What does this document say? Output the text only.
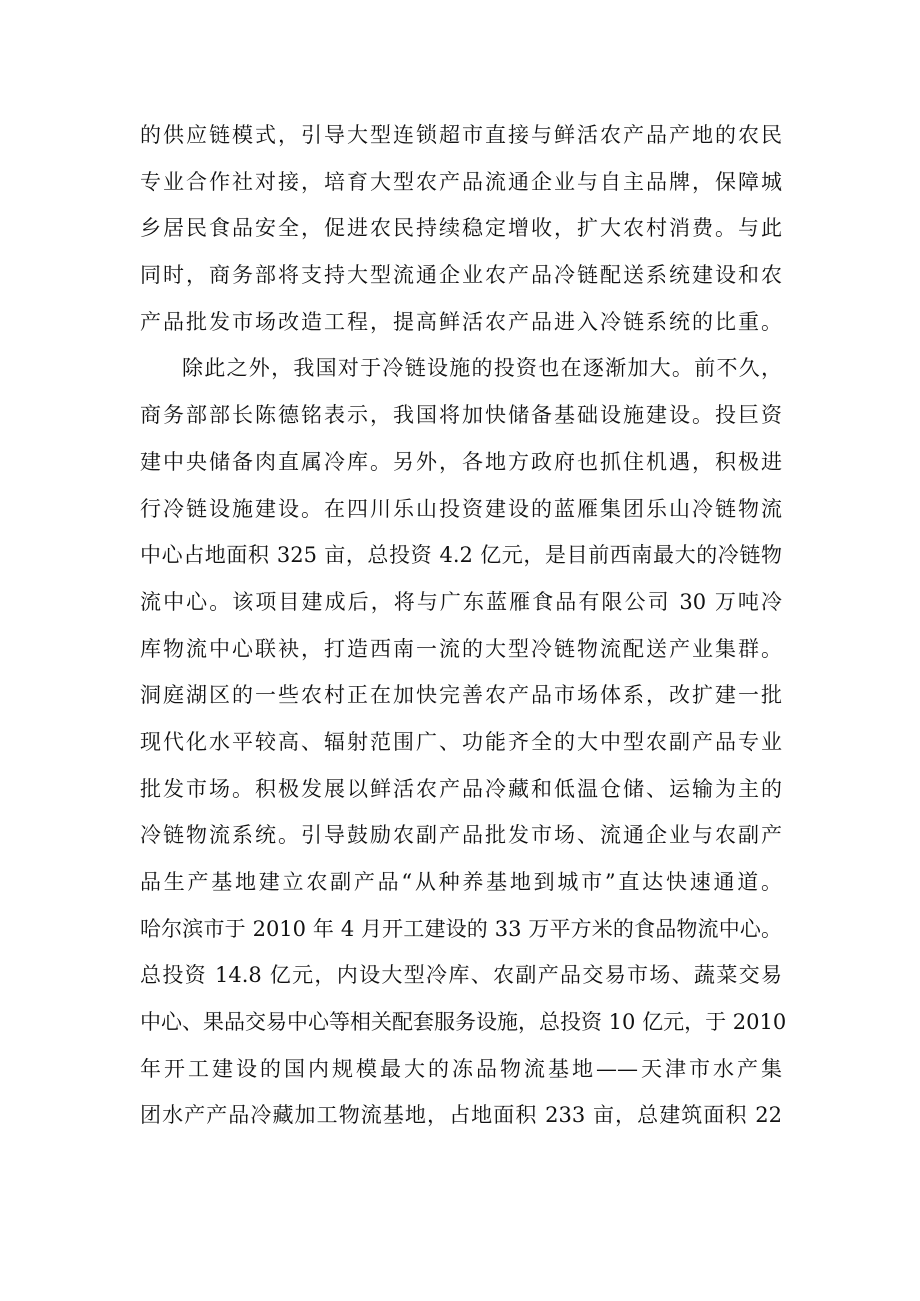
的供应链模式，引导大型连锁超市直接与鲜活农产品产地的农民
专业合作社对接，培育大型农产品流通企业与自主品牌，保障城
乡居民食品安全，促进农民持续稳定增收，扩大农村消费。与此
同时，商务部将支持大型流通企业农产品冷链配送系统建设和农
产品批发市场改造工程，提高鲜活农产品进入冷链系统的比重。
除此之外，我国对于冷链设施的投资也在逐渐加大。前不久，
商务部部长陈德铭表示，我国将加快储备基础设施建设。投巨资
建中央储备肉直属冷库。另外，各地方政府也抓住机遇，积极进
行冷链设施建设。在四川乐山投资建设的蓝雁集团乐山冷链物流
中心占地面积 325 亩，总投资 4.2 亿元，是目前西南最大的冷链物
流中心。该项目建成后，将与广东蓝雁食品有限公司 30 万吨冷
库物流中心联袂，打造西南一流的大型冷链物流配送产业集群。
洞庭湖区的一些农村正在加快完善农产品市场体系，改扩建一批
现代化水平较高、辐射范围广、功能齐全的大中型农副产品专业
批发市场。积极发展以鲜活农产品冷藏和低温仓储、运输为主的
冷链物流系统。引导鼓励农副产品批发市场、流通企业与农副产
品生产基地建立农副产品“从种养基地到城市”直达快速通道。
哈尔滨市于 2010 年 4 月开工建设的 33 万平方米的食品物流中心。
总投资 14.8 亿元，内设大型冷库、农副产品交易市场、蔬菜交易
中心、果品交易中心等相关配套服务设施，总投资 10 亿元，于 2010
年开工建设的国内规模最大的冻品物流基地——天津市水产集
团水产产品冷藏加工物流基地，占地面积 233 亩，总建筑面积 22
